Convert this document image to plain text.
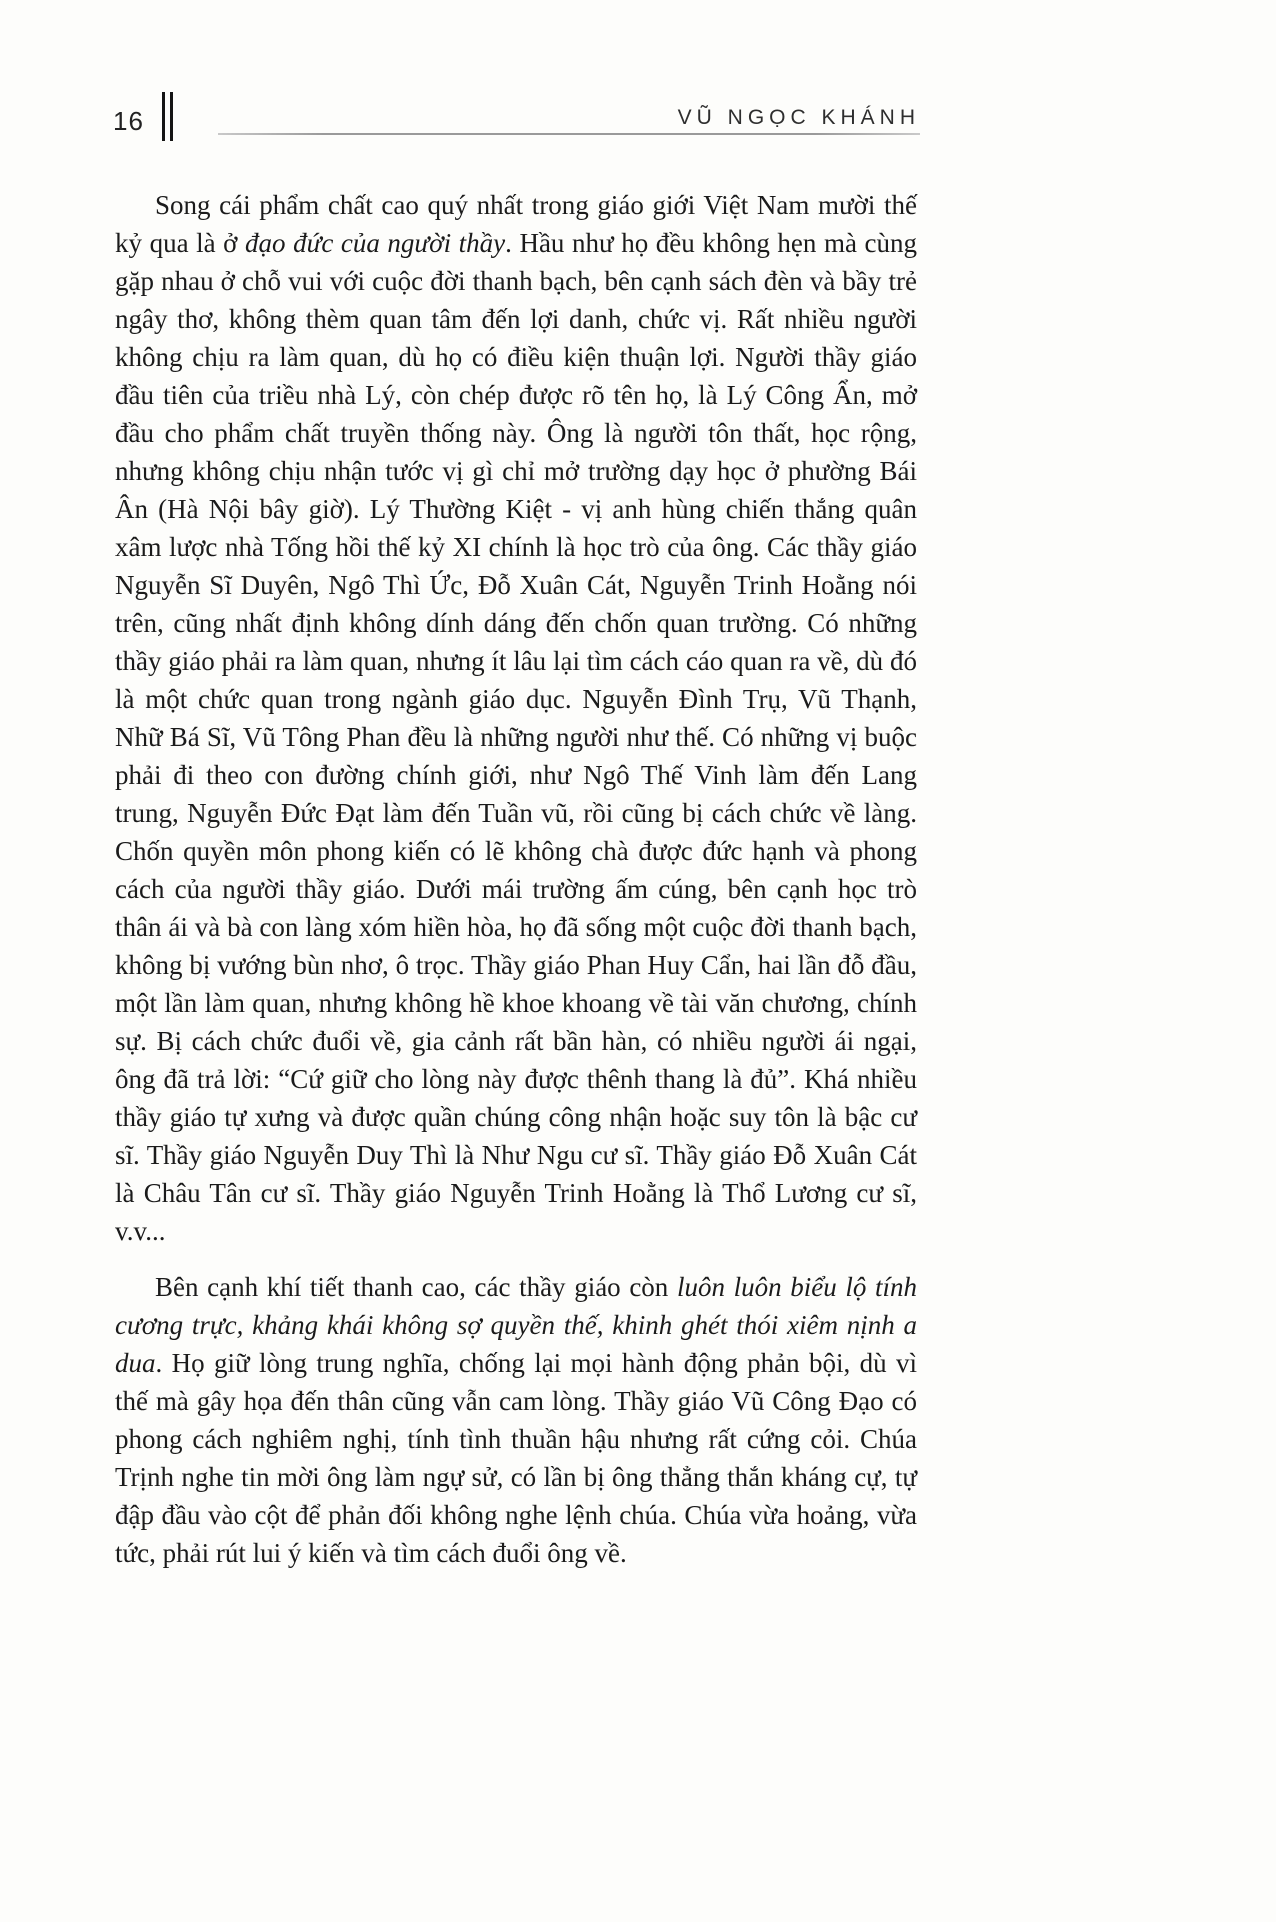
16	VŨ NGỌC KHÁNH

Song cái phẩm chất cao quý nhất trong giáo giới Việt Nam mười thế kỷ qua là ở đạo đức của người thầy. Hầu như họ đều không hẹn mà cùng gặp nhau ở chỗ vui với cuộc đời thanh bạch, bên cạnh sách đèn và bầy trẻ ngây thơ, không thèm quan tâm đến lợi danh, chức vị. Rất nhiều người không chịu ra làm quan, dù họ có điều kiện thuận lợi. Người thầy giáo đầu tiên của triều nhà Lý, còn chép được rõ tên họ, là Lý Công Ẩn, mở đầu cho phẩm chất truyền thống này. Ông là người tôn thất, học rộng, nhưng không chịu nhận tước vị gì chỉ mở trường dạy học ở phường Bái Ân (Hà Nội bây giờ). Lý Thường Kiệt - vị anh hùng chiến thắng quân xâm lược nhà Tống hồi thế kỷ XI chính là học trò của ông. Các thầy giáo Nguyễn Sĩ Duyên, Ngô Thì Ức, Đỗ Xuân Cát, Nguyễn Trinh Hoằng nói trên, cũng nhất định không dính dáng đến chốn quan trường. Có những thầy giáo phải ra làm quan, nhưng ít lâu lại tìm cách cáo quan ra về, dù đó là một chức quan trong ngành giáo dục. Nguyễn Đình Trụ, Vũ Thạnh, Nhữ Bá Sĩ, Vũ Tông Phan đều là những người như thế. Có những vị buộc phải đi theo con đường chính giới, như Ngô Thế Vinh làm đến Lang trung, Nguyễn Đức Đạt làm đến Tuần vũ, rồi cũng bị cách chức về làng. Chốn quyền môn phong kiến có lẽ không chà được đức hạnh và phong cách của người thầy giáo. Dưới mái trường ấm cúng, bên cạnh học trò thân ái và bà con làng xóm hiền hòa, họ đã sống một cuộc đời thanh bạch, không bị vướng bùn nhơ, ô trọc. Thầy giáo Phan Huy Cẩn, hai lần đỗ đầu, một lần làm quan, nhưng không hề khoe khoang về tài văn chương, chính sự. Bị cách chức đuổi về, gia cảnh rất bần hàn, có nhiều người ái ngại, ông đã trả lời: “Cứ giữ cho lòng này được thênh thang là đủ”. Khá nhiều thầy giáo tự xưng và được quần chúng công nhận hoặc suy tôn là bậc cư sĩ. Thầy giáo Nguyễn Duy Thì là Như Ngu cư sĩ. Thầy giáo Đỗ Xuân Cát là Châu Tân cư sĩ. Thầy giáo Nguyễn Trinh Hoằng là Thổ Lương cư sĩ, v.v...

Bên cạnh khí tiết thanh cao, các thầy giáo còn luôn luôn biểu lộ tính cương trực, khảng khái không sợ quyền thế, khinh ghét thói xiêm nịnh a dua. Họ giữ lòng trung nghĩa, chống lại mọi hành động phản bội, dù vì thế mà gây họa đến thân cũng vẫn cam lòng. Thầy giáo Vũ Công Đạo có phong cách nghiêm nghị, tính tình thuần hậu nhưng rất cứng cỏi. Chúa Trịnh nghe tin mời ông làm ngự sử, có lần bị ông thẳng thắn kháng cự, tự đập đầu vào cột để phản đối không nghe lệnh chúa. Chúa vừa hoảng, vừa tức, phải rút lui ý kiến và tìm cách đuổi ông về.
